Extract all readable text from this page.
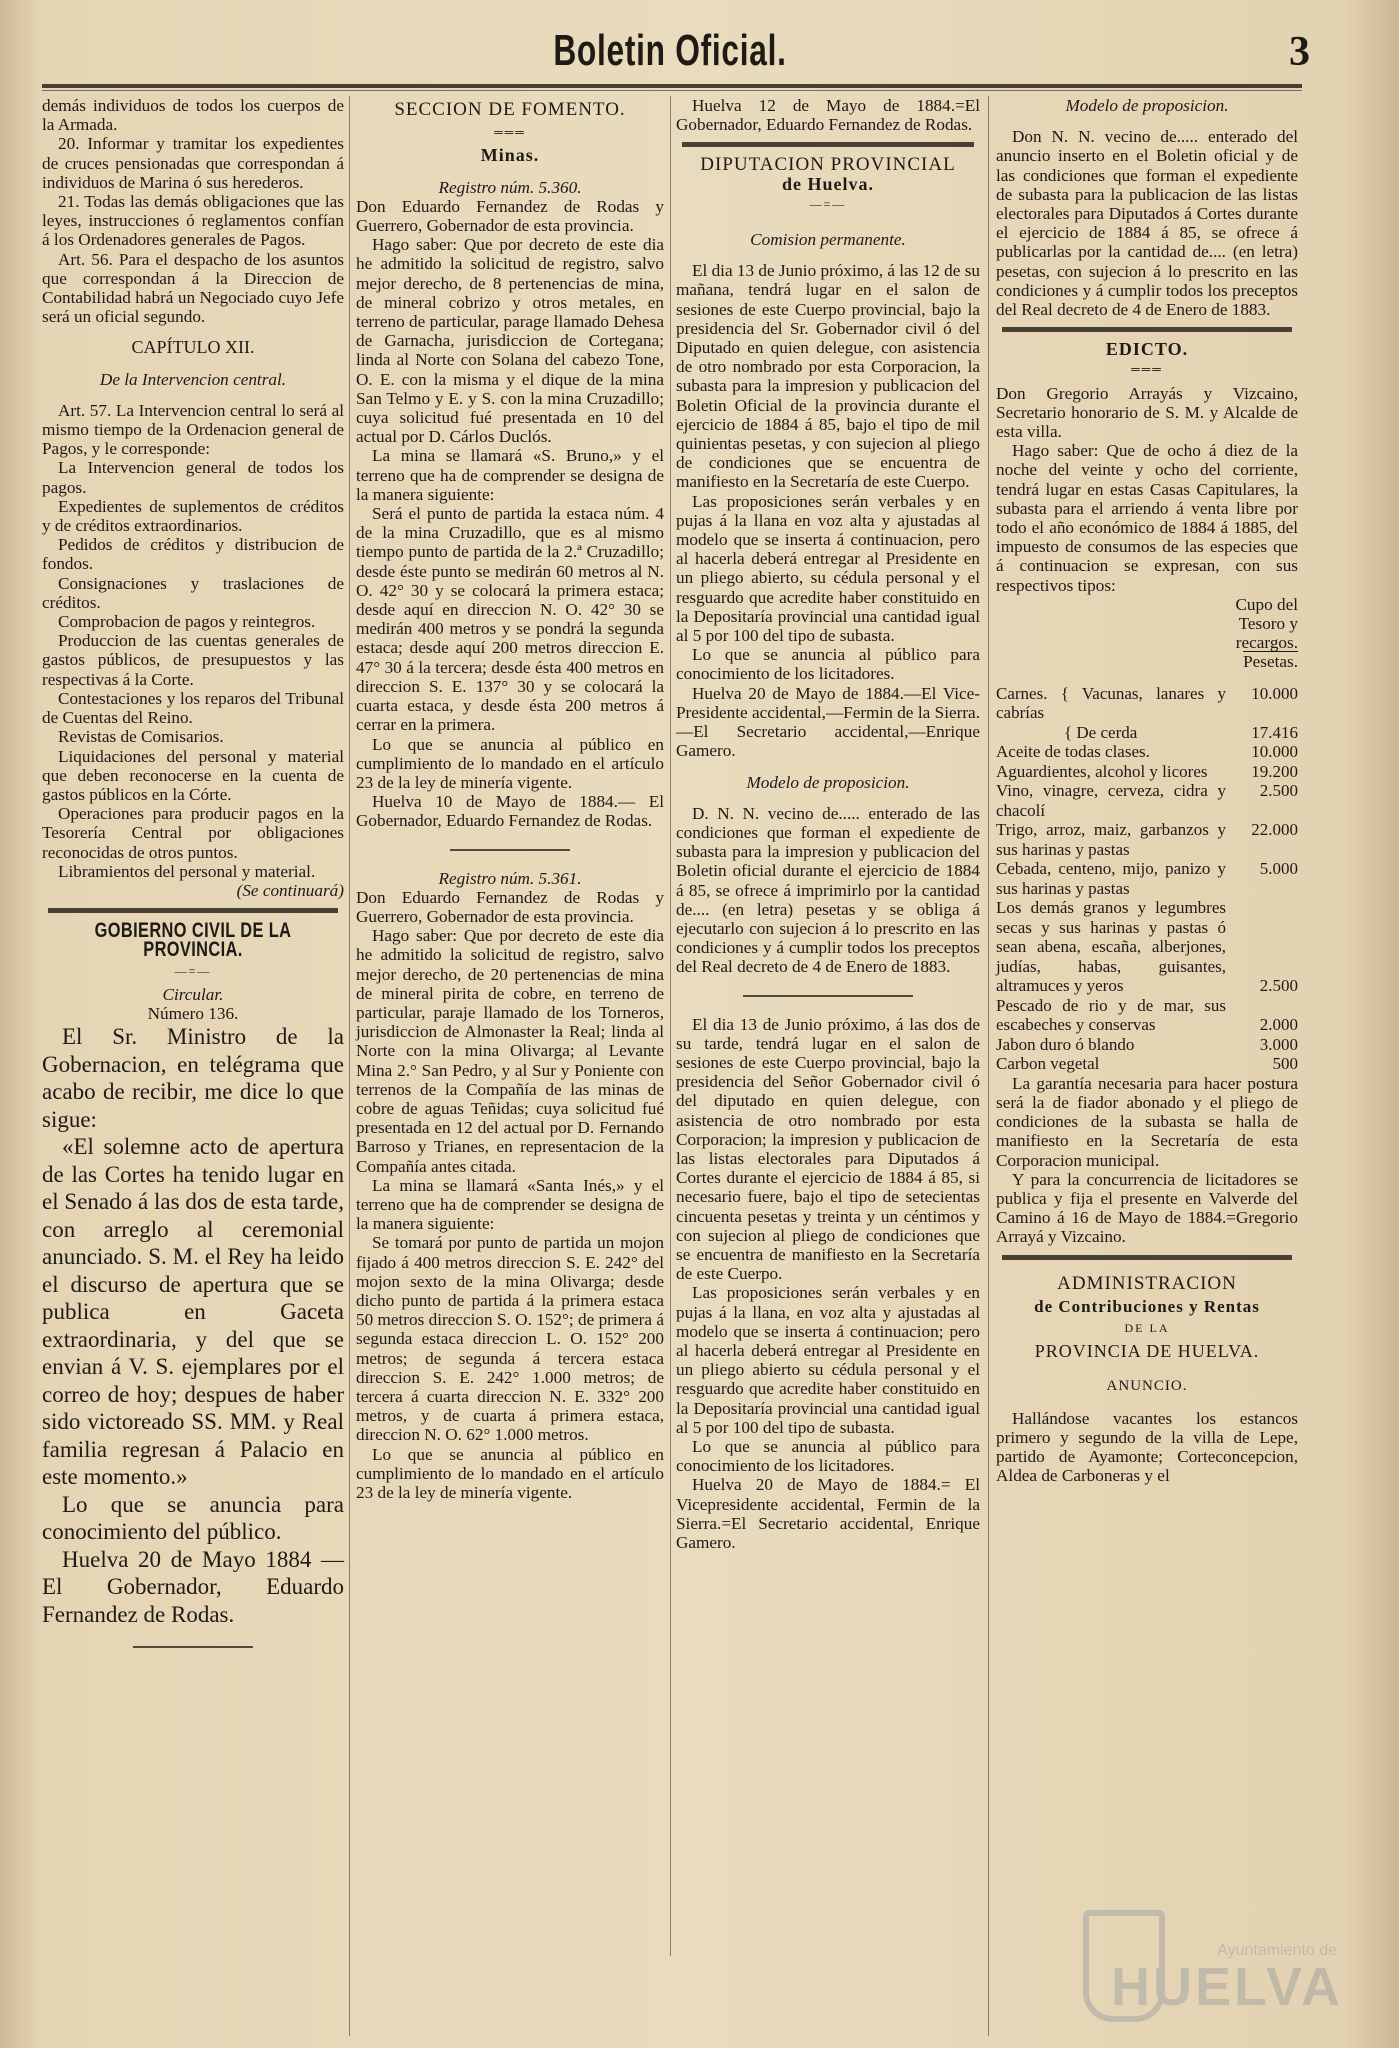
Boletin Oficial.	3

demás individuos de todos los cuerpos de la Armada.

20. Informar y tramitar los expedientes de cruces pensionadas que correspondan á individuos de Marina ó sus herederos.

21. Todas las demás obligaciones que las leyes, instrucciones ó reglamentos confían á los Ordenadores generales de Pagos.

Art. 56. Para el despacho de los asuntos que correspondan á la Direccion de Contabilidad habrá un Negociado cuyo Jefe será un oficial segundo.

CAPÍTULO XII.

De la Intervencion central.

Art. 57. La Intervencion central lo será al mismo tiempo de la Ordenacion general de Pagos, y le corresponde:

La Intervencion general de todos los pagos.

Expedientes de suplementos de créditos y de créditos extraordinarios.

Pedidos de créditos y distribucion de fondos.

Consignaciones y traslaciones de créditos.

Comprobacion de pagos y reintegros.

Produccion de las cuentas generales de gastos públicos, de presupuestos y las respectivas á la Corte.

Contestaciones y los reparos del Tribunal de Cuentas del Reino.

Revistas de Comisarios.

Liquidaciones del personal y material que deben reconocerse en la cuenta de gastos públicos en la Córte.

Operaciones para producir pagos en la Tesorería Central por obligaciones reconocidas de otros puntos.

Libramientos del personal y material.

(Se continuará)

GOBIERNO CIVIL DE LA PROVINCIA.
—=—

Circular.

Número 136.

El Sr. Ministro de la Gobernacion, en telégrama que acabo de recibir, me dice lo que sigue:

«El solemne acto de apertura de las Cortes ha tenido lugar en el Senado á las dos de esta tarde, con arreglo al ceremonial anunciado. S. M. el Rey ha leido el discurso de apertura que se publica en Gaceta extraordinaria, y del que se envian á V. S. ejemplares por el correo de hoy; despues de haber sido victoreado SS. MM. y Real familia regresan á Palacio en este momento.»

Lo que se anuncia para conocimiento del público.

Huelva 20 de Mayo 1884 —El Gobernador, Eduardo Fernandez de Rodas.

SECCION DE FOMENTO.
═══
Minas.

Registro núm. 5.360.

Don Eduardo Fernandez de Rodas y Guerrero, Gobernador de esta provincia.

Hago saber: Que por decreto de este dia he admitido la solicitud de registro, salvo mejor derecho, de 8 pertenencias de mina, de mineral cobrizo y otros metales, en terreno de particular, parage llamado Dehesa de Garnacha, jurisdiccion de Cortegana; linda al Norte con Solana del cabezo Tone, O. E. con la misma y el dique de la mina San Telmo y E. y S. con la mina Cruzadillo; cuya solicitud fué presentada en 10 del actual por D. Cárlos Duclós.

La mina se llamará «S. Bruno,» y el terreno que ha de comprender se designa de la manera siguiente:

Será el punto de partida la estaca núm. 4 de la mina Cruzadillo, que es al mismo tiempo punto de partida de la 2.ª Cruzadillo; desde éste punto se medirán 60 metros al N. O. 42° 30 y se colocará la primera estaca; desde aquí en direccion N. O. 42° 30 se medirán 400 metros y se pondrá la segunda estaca; desde aquí 200 metros direccion E. 47° 30 á la tercera; desde ésta 400 metros en direccion S. E. 137° 30 y se colocará la cuarta estaca, y desde ésta 200 metros á cerrar en la primera.

Lo que se anuncia al público en cumplimiento de lo mandado en el artículo 23 de la ley de minería vigente.

Huelva 10 de Mayo de 1884.— El Gobernador, Eduardo Fernandez de Rodas.

Registro núm. 5.361.

Don Eduardo Fernandez de Rodas y Guerrero, Gobernador de esta provincia.

Hago saber: Que por decreto de este dia he admitido la solicitud de registro, salvo mejor derecho, de 20 pertenencias de mina de mineral pirita de cobre, en terreno de particular, paraje llamado de los Torneros, jurisdiccion de Almonaster la Real; linda al Norte con la mina Olivarga; al Levante Mina 2.° San Pedro, y al Sur y Poniente con terrenos de la Compañía de las minas de cobre de aguas Teñidas; cuya solicitud fué presentada en 12 del actual por D. Fernando Barroso y Trianes, en representacion de la Compañía antes citada.

La mina se llamará «Santa Inés,» y el terreno que ha de comprender se designa de la manera siguiente:

Se tomará por punto de partida un mojon fijado á 400 metros direccion S. E. 242° del mojon sexto de la mina Olivarga; desde dicho punto de partida á la primera estaca 50 metros direccion S. O. 152°; de primera á segunda estaca direccion L. O. 152° 200 metros; de segunda á tercera estaca direccion S. E. 242° 1.000 metros; de tercera á cuarta direccion N. E. 332° 200 metros, y de cuarta á primera estaca, direccion N. O. 62° 1.000 metros.

Lo que se anuncia al público en cumplimiento de lo mandado en el artículo 23 de la ley de minería vigente.

Huelva 12 de Mayo de 1884.=El Gobernador, Eduardo Fernandez de Rodas.

DIPUTACION PROVINCIAL
de Huelva.
—=—

Comision permanente.

El dia 13 de Junio próximo, á las 12 de su mañana, tendrá lugar en el salon de sesiones de este Cuerpo provincial, bajo la presidencia del Sr. Gobernador civil ó del Diputado en quien delegue, con asistencia de otro nombrado por esta Corporacion, la subasta para la impresion y publicacion del Boletin Oficial de la provincia durante el ejercicio de 1884 á 85, bajo el tipo de mil quinientas pesetas, y con sujecion al pliego de condiciones que se encuentra de manifiesto en la Secretaría de este Cuerpo.

Las proposiciones serán verbales y en pujas á la llana en voz alta y ajustadas al modelo que se inserta á continuacion, pero al hacerla deberá entregar al Presidente en un pliego abierto, su cédula personal y el resguardo que acredite haber constituido en la Depositaría provincial una cantidad igual al 5 por 100 del tipo de subasta.

Lo que se anuncia al público para conocimiento de los licitadores.

Huelva 20 de Mayo de 1884.—El Vice-Presidente accidental,—Fermin de la Sierra.—El Secretario accidental,—Enrique Gamero.

Modelo de proposicion.

D. N. N. vecino de..... enterado de las condiciones que forman el expediente de subasta para la impresion y publicacion del Boletin oficial durante el ejercicio de 1884 á 85, se ofrece á imprimirlo por la cantidad de.... (en letra) pesetas y se obliga á ejecutarlo con sujecion á lo prescrito en las condiciones y á cumplir todos los preceptos del Real decreto de 4 de Enero de 1883.

El dia 13 de Junio próximo, á las dos de su tarde, tendrá lugar en el salon de sesiones de este Cuerpo provincial, bajo la presidencia del Señor Gobernador civil ó del diputado en quien delegue, con asistencia de otro nombrado por esta Corporacion; la impresion y publicacion de las listas electorales para Diputados á Cortes durante el ejercicio de 1884 á 85, si necesario fuere, bajo el tipo de setecientas cincuenta pesetas y treinta y un céntimos y con sujecion al pliego de condiciones que se encuentra de manifiesto en la Secretaría de este Cuerpo.

Las proposiciones serán verbales y en pujas á la llana, en voz alta y ajustadas al modelo que se inserta á continuacion; pero al hacerla deberá entregar al Presidente en un pliego abierto su cédula personal y el resguardo que acredite haber constituido en la Depositaría provincial una cantidad igual al 5 por 100 del tipo de subasta.

Lo que se anuncia al público para conocimiento de los licitadores.

Huelva 20 de Mayo de 1884.= El Vicepresidente accidental, Fermin de la Sierra.=El Secretario accidental, Enrique Gamero.

Modelo de proposicion.

Don N. N. vecino de..... enterado del anuncio inserto en el Boletin oficial y de las condiciones que forman el expediente de subasta para la publicacion de las listas electorales para Diputados á Cortes durante el ejercicio de 1884 á 85, se ofrece á publicarlas por la cantidad de.... (en letra) pesetas, con sujecion á lo prescrito en las condiciones y á cumplir todos los preceptos del Real decreto de 4 de Enero de 1883.

EDICTO.
═══

Don Gregorio Arrayás y Vizcaino, Secretario honorario de S. M. y Alcalde de esta villa.

Hago saber: Que de ocho á diez de la noche del veinte y ocho del corriente, tendrá lugar en estas Casas Capitulares, la subasta para el arriendo á venta libre por todo el año económico de 1884 á 1885, del impuesto de consumos de las especies que á continuacion se expresan, con sus respectivos tipos:

Cupo del Tesoro y recargos.

Pesetas.

Carnes. { Vacunas, lanares y cabrías	10.000
{ De cerda	17.416
Aceite de todas clases.	10.000
Aguardientes, alcohol y licores	19.200
Vino, vinagre, cerveza, cidra y chacolí	2.500
Trigo, arroz, maiz, garbanzos y sus harinas y pastas	22.000
Cebada, centeno, mijo, panizo y sus harinas y pastas	5.000
Los demás granos y legumbres secas y sus harinas y pastas ó sean abena, escaña, alberjones, judías, habas, guisantes, altramuces y yeros	2.500
Pescado de rio y de mar, sus escabeches y conservas	2.000
Jabon duro ó blando	3.000
Carbon vegetal	500

La garantía necesaria para hacer postura será la de fiador abonado y el pliego de condiciones de la subasta se halla de manifiesto en la Secretaría de esta Corporacion municipal.

Y para la concurrencia de licitadores se publica y fija el presente en Valverde del Camino á 16 de Mayo de 1884.=Gregorio Arrayá y Vizcaino.

ADMINISTRACION
de Contribuciones y Rentas
DE LA
PROVINCIA DE HUELVA.
ANUNCIO.

Hallándose vacantes los estancos primero y segundo de la villa de Lepe, partido de Ayamonte; Corteconcepcion, Aldea de Carboneras y el

Ayuntamiento de
HUELVA
